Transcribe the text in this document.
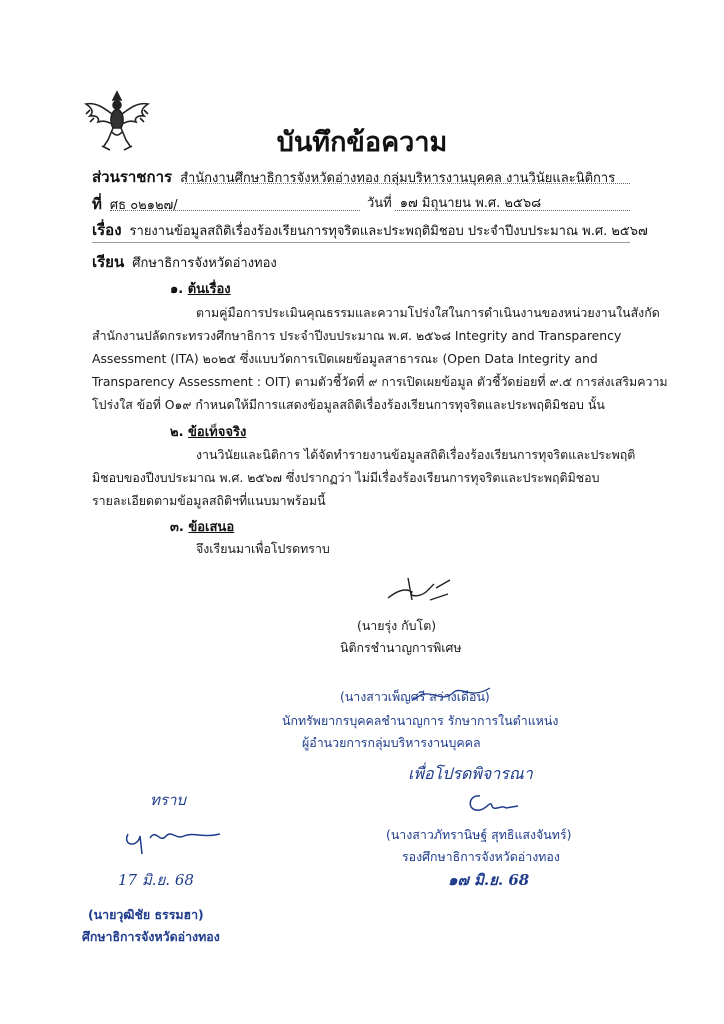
บันทึกข้อความ
ส่วนราชการ สำนักงานศึกษาธิการจังหวัดอ่างทอง กลุ่มบริหารงานบุคคล งานวินัยและนิติการ
ที่ ศธ ๐๒๑๒๗/	วันที่ ๑๗ มิถุนายน พ.ศ. ๒๕๖๘
เรื่อง รายงานข้อมูลสถิติเรื่องร้องเรียนการทุจริตและประพฤติมิชอบ ประจำปีงบประมาณ พ.ศ. ๒๕๖๗
เรียน ศึกษาธิการจังหวัดอ่างทอง
๑. ต้นเรื่อง
ตามคู่มือการประเมินคุณธรรมและความโปร่งใสในการดำเนินงานของหน่วยงานในสังกัด
สำนักงานปลัดกระทรวงศึกษาธิการ ประจำปีงบประมาณ พ.ศ. ๒๕๖๘ Integrity and Transparency
Assessment (ITA) ๒๐๒๕ ซึ่งแบบวัดการเปิดเผยข้อมูลสาธารณะ (Open Data Integrity and
Transparency Assessment : OIT) ตามตัวชี้วัดที่ ๙ การเปิดเผยข้อมูล ตัวชี้วัดย่อยที่ ๙.๕ การส่งเสริมความ
โปร่งใส ข้อที่ O๑๙ กำหนดให้มีการแสดงข้อมูลสถิติเรื่องร้องเรียนการทุจริตและประพฤติมิชอบ นั้น
๒. ข้อเท็จจริง
งานวินัยและนิติการ ได้จัดทำรายงานข้อมูลสถิติเรื่องร้องเรียนการทุจริตและประพฤติ
มิชอบของปีงบประมาณ พ.ศ. ๒๕๖๗ ซึ่งปรากฏว่า ไม่มีเรื่องร้องเรียนการทุจริตและประพฤติมิชอบ
รายละเอียดตามข้อมูลสถิติฯที่แนบมาพร้อมนี้
๓. ข้อเสนอ
จึงเรียนมาเพื่อโปรดทราบ
(นายรุ่ง กับโต)
นิติกรชำนาญการพิเศษ
(นางสาวเพ็ญศรี สว่างเดือน)
นักทรัพยากรบุคคลชำนาญการ รักษาการในตำแหน่ง
ผู้อำนวยการกลุ่มบริหารงานบุคคล
เพื่อโปรดพิจารณา
(นางสาวภัทรานิษฐ์ สุทธิแสงจันทร์)
รองศึกษาธิการจังหวัดอ่างทอง
๑๗ มิ.ย. 68
ทราบ
17 มิ.ย. 68
(นายวุฒิชัย ธรรมฮา)
ศึกษาธิการจังหวัดอ่างทอง
